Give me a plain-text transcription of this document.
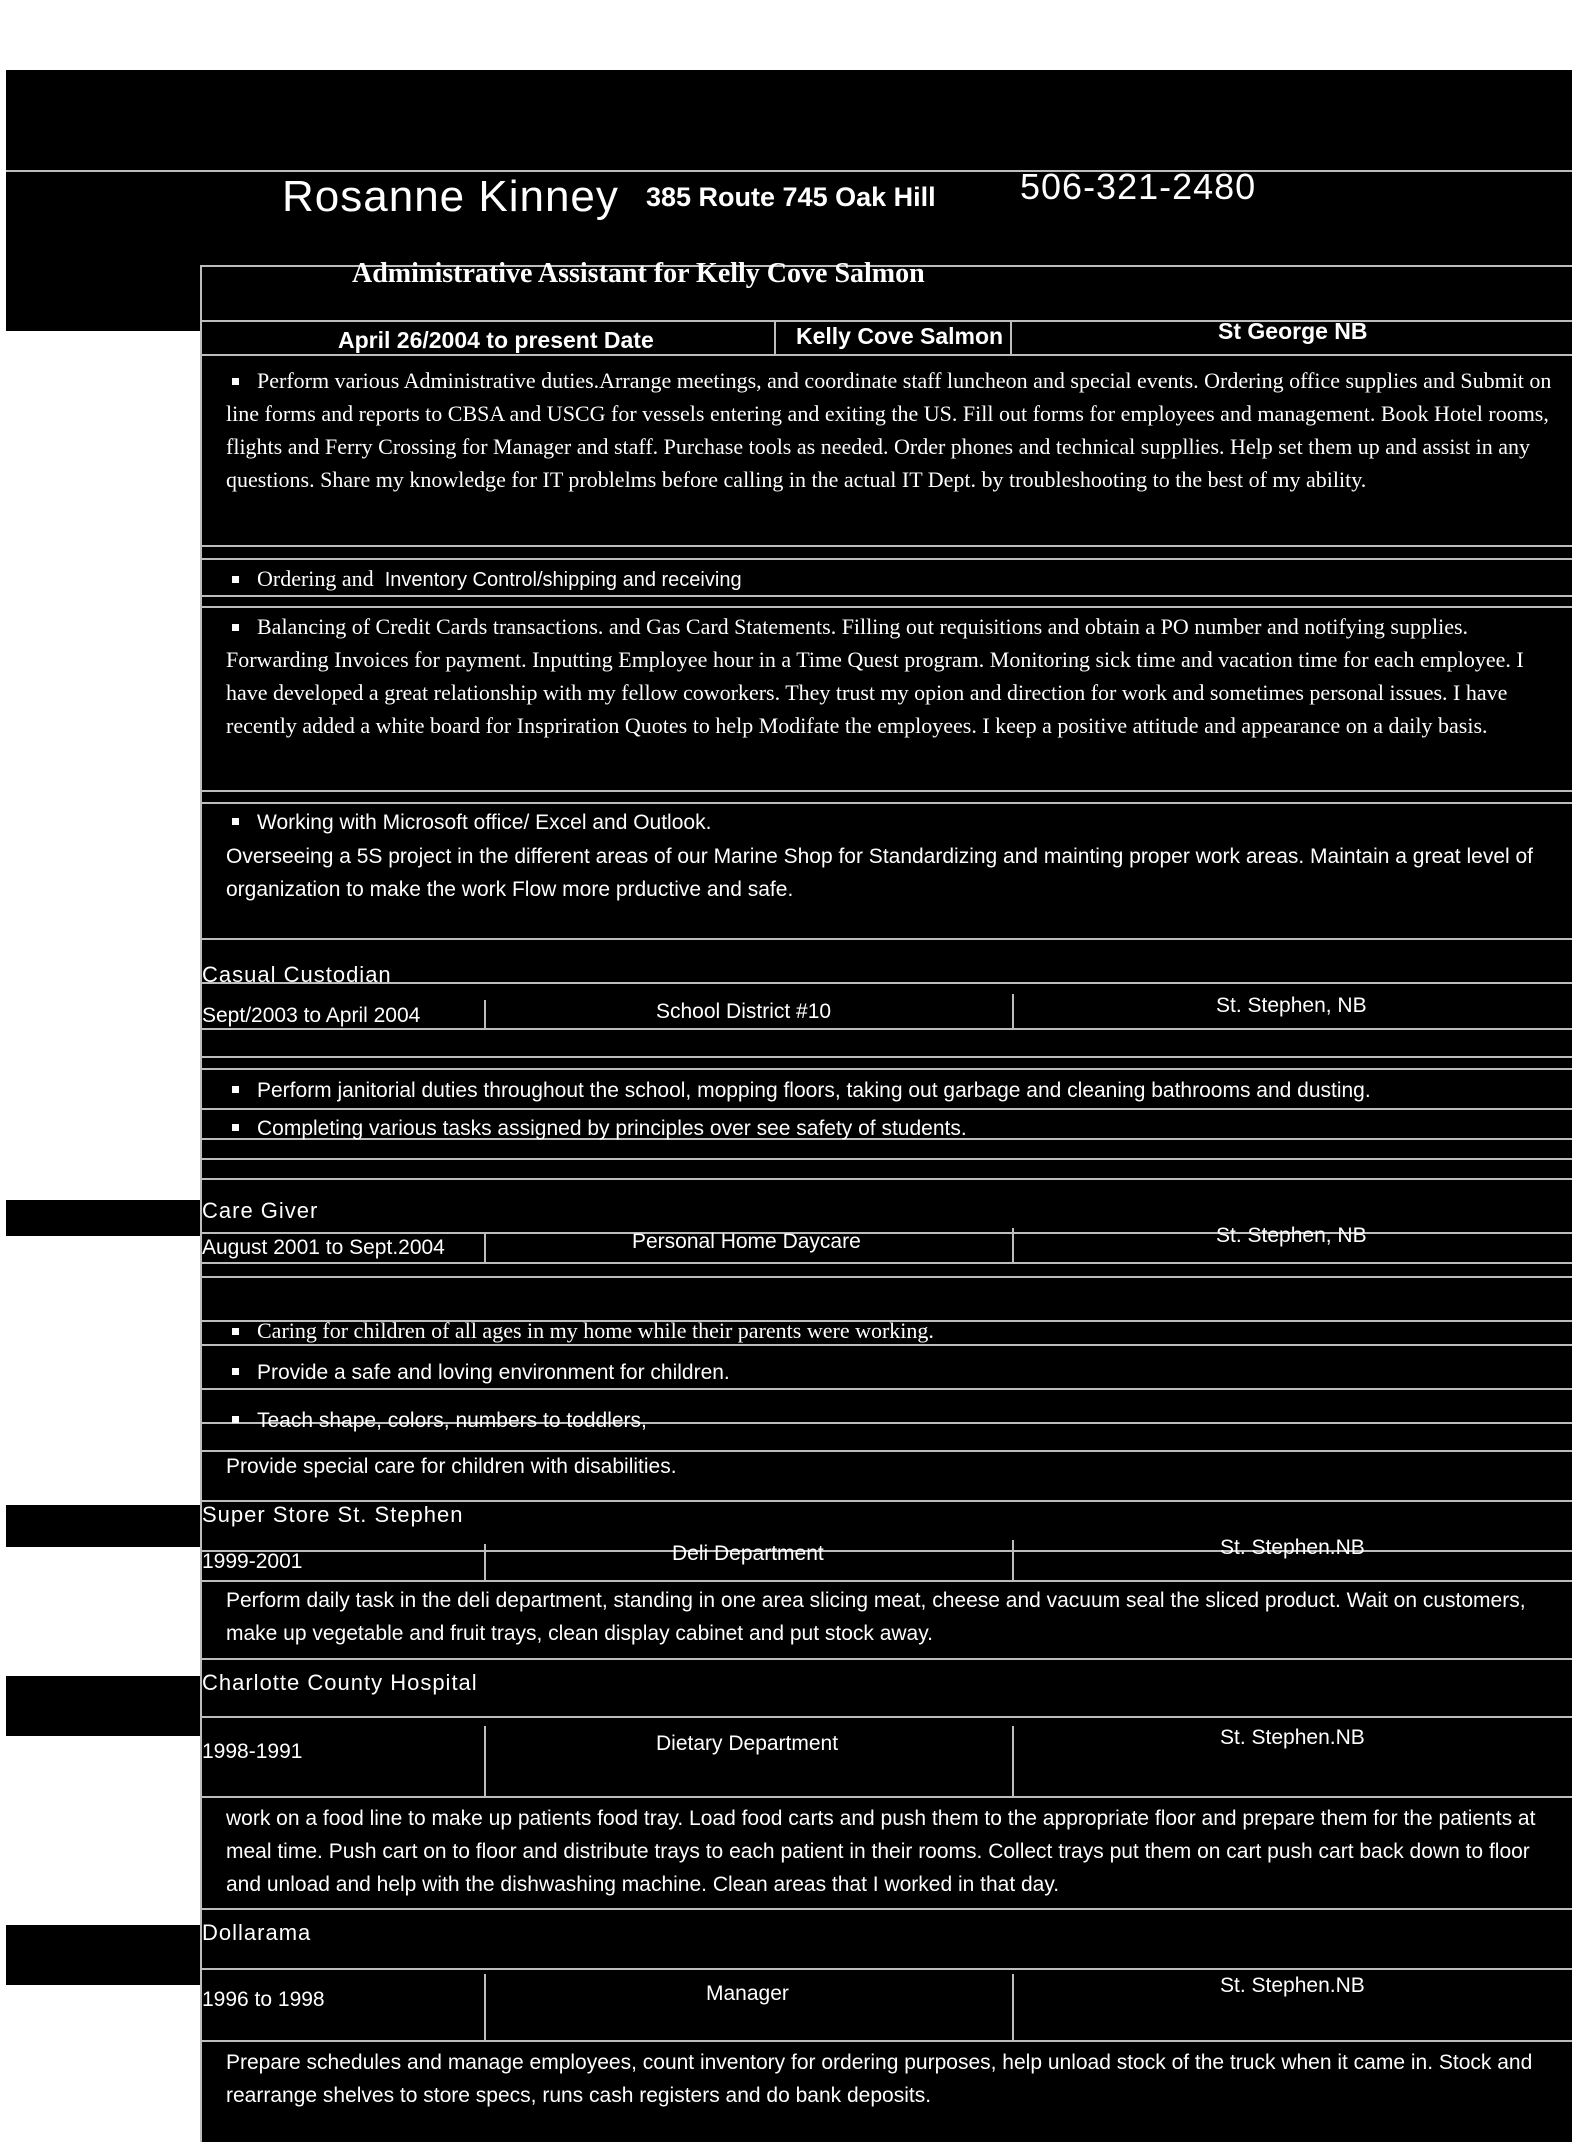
Rosanne Kinney 385 Route 745 Oak Hill 506-321-2480
Administrative Assistant for Kelly Cove Salmon
April 26/2004 to present Date	Kelly Cove Salmon	St George NB
Perform various Administrative duties.Arrange meetings, and coordinate staff luncheon and special events. Ordering office supplies and Submit on line forms and reports to CBSA and USCG for vessels entering and exiting the US. Fill out forms for employees and management. Book Hotel rooms, flights and Ferry Crossing for Manager and staff. Purchase tools as needed. Order phones and technical suppllies. Help set them up and assist in any questions. Share my knowledge for IT problelms before calling in the actual IT Dept. by troubleshooting to the best of my ability.
Ordering and Inventory Control/shipping and receiving
Balancing of Credit Cards transactions. and Gas Card Statements. Filling out requisitions and obtain a PO number and notifying supplies. Forwarding Invoices for payment. Inputting Employee hour in a Time Quest program. Monitoring sick time and vacation time for each employee. I have developed a great relationship with my fellow coworkers. They trust my opion and direction for work and sometimes personal issues. I have recently added a white board for Inspriration Quotes to help Modifate the employees. I keep a positive attitude and appearance on a daily basis.
Working with Microsoft office/ Excel and Outlook.
Overseeing a 5S project in the different areas of our Marine Shop for Standardizing and mainting proper work areas. Maintain a great level of organization to make the work Flow more prductive and safe.
Casual Custodian
Sept/2003 to April 2004	School District #10	St. Stephen, NB
Perform janitorial duties throughout the school, mopping floors, taking out garbage and cleaning bathrooms and dusting.
Completing various tasks assigned by principles over see safety of students.
Care Giver
August 2001 to Sept.2004	Personal Home Daycare	St. Stephen, NB
Caring for children of all ages in my home while their parents were working.
Provide a safe and loving environment for children.
Teach shape, colors, numbers to toddlers,
Provide special care for children with disabilities.
Super Store St. Stephen
1999-2001	Deli Department	St. Stephen.NB
Perform daily task in the deli department, standing in one area slicing meat, cheese and vacuum seal the sliced product. Wait on customers, make up vegetable and fruit trays, clean display cabinet and put stock away.
Charlotte County Hospital
1998-1991	Dietary Department	St. Stephen.NB
work on a food line to make up patients food tray. Load food carts and push them to the appropriate floor and prepare them for the patients at meal time. Push cart on to floor and distribute trays to each patient in their rooms. Collect trays put them on cart push cart back down to floor and unload and help with the dishwashing machine. Clean areas that I worked in that day.
Dollarama
1996 to 1998	Manager	St. Stephen.NB
Prepare schedules and manage employees, count inventory for ordering purposes, help unload stock of the truck when it came in. Stock and rearrange shelves to store specs, runs cash registers and do bank deposits.
